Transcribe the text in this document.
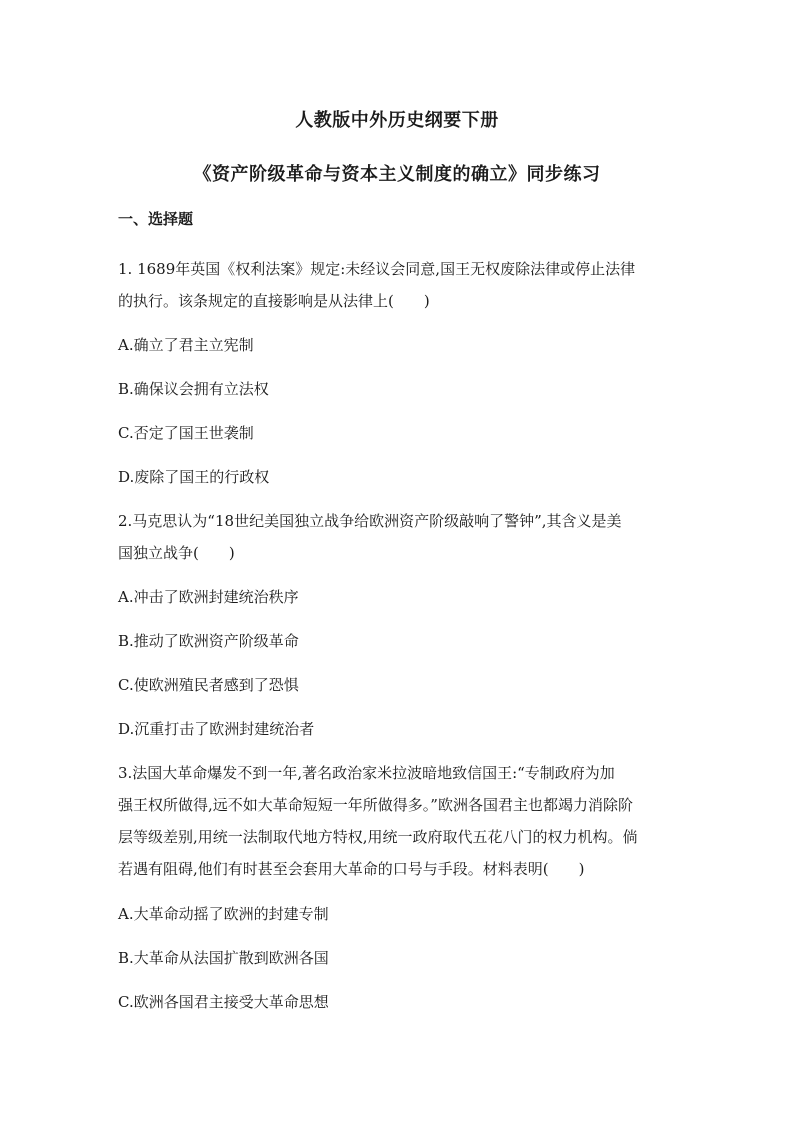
人教版中外历史纲要下册
《资产阶级革命与资本主义制度的确立》同步练习
一、选择题
1. 1689年英国《权利法案》规定:未经议会同意,国王无权废除法律或停止法律
的执行。该条规定的直接影响是从法律上(　　)
A.确立了君主立宪制
B.确保议会拥有立法权
C.否定了国王世袭制
D.废除了国王的行政权
2.马克思认为“18世纪美国独立战争给欧洲资产阶级敲响了警钟”,其含义是美
国独立战争(　　)
A.冲击了欧洲封建统治秩序
B.推动了欧洲资产阶级革命
C.使欧洲殖民者感到了恐惧
D.沉重打击了欧洲封建统治者
3.法国大革命爆发不到一年,著名政治家米拉波暗地致信国王:“专制政府为加
强王权所做得,远不如大革命短短一年所做得多。”欧洲各国君主也都竭力消除阶
层等级差别,用统一法制取代地方特权,用统一政府取代五花八门的权力机构。倘
若遇有阻碍,他们有时甚至会套用大革命的口号与手段。材料表明(　　)
A.大革命动摇了欧洲的封建专制
B.大革命从法国扩散到欧洲各国
C.欧洲各国君主接受大革命思想
